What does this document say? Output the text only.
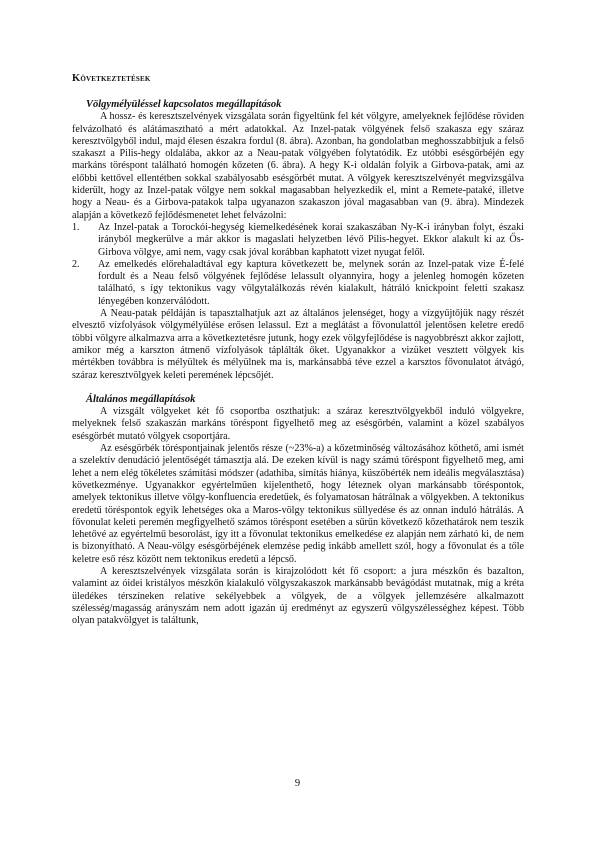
Következtetések
Völgymélyüléssel kapcsolatos megállapítások

A hossz- és keresztszelvények vizsgálata során figyeltünk fel két völgyre, amelyeknek fejlődése röviden felvázolható és alátámasztható a mért adatokkal. Az Inzel-patak völgyének felső szakasza egy száraz keresztvölgyből indul, majd élesen északra fordul (8. ábra). Azonban, ha gondolatban meghosszabbítjuk a felső szakaszt a Pilis-hegy oldalába, akkor az a Neau-patak völgyében folytatódik. Ez utóbbi esésgörbéjén egy markáns töréspont található homogén kőzeten (6. ábra). A hegy K-i oldalán folyik a Girbova-patak, ami az előbbi kettővel ellentétben sokkal szabályosabb esésgörbét mutat. A völgyek keresztszelvényét megvizsgálva kiderült, hogy az Inzel-patak völgye nem sokkal magasabban helyezkedik el, mint a Remete-pataké, illetve hogy a Neau- és a Girbova-patakok talpa ugyanazon szakaszon jóval magasabban van (9. ábra). Mindezek alapján a következő fejlődésmenetet lehet felvázolni:

1. Az Inzel-patak a Torockói-hegység kiemelkedésének korai szakaszában Ny-K-i irányban folyt, északi irányból megkerülve a már akkor is magaslati helyzetben lévő Pilis-hegyet. Ekkor alakult ki az Ős-Girbova völgye, ami nem, vagy csak jóval korábban kaphatott vizet nyugat felől.
2. Az emelkedés előrehaladtával egy kaptura következett be, melynek során az Inzel-patak vize É-felé fordult és a Neau felső völgyének fejlődése lelassult olyannyira, hogy a jelenleg homogén kőzeten található, s így tektonikus vagy völgytalálkozás révén kialakult, hátráló knickpoint feletti szakasz lényegében konzerválódott.

A Neau-patak példáján is tapasztalhatjuk azt az általános jelenséget, hogy a vízgyűjtőjük nagy részét elvesztő vízfolyások völgymélyülése erősen lelassul. Ezt a meglátást a fővonulattól jelentősen keletre eredő többi völgyre alkalmazva arra a következtetésre jutunk, hogy ezek völgyfejlődése is nagyobbrészt akkor zajlott, amikor még a karszton átmenő vízfolyások táplálták őket. Ugyanakkor a vizüket vesztett völgyek kis mértékben továbbra is mélyültek és mélyülnek ma is, markánsabbá téve ezzel a karsztos fővonulatot átvágó, száraz keresztvölgyek keleti peremének lépcsőjét.

Általános megállapítások

A vizsgált völgyeket két fő csoportba oszthatjuk: a száraz keresztvölgyekből induló völgyekre, melyeknek felső szakaszán markáns töréspont figyelhető meg az esésgörbén, valamint a közel szabályos esésgörbét mutató völgyek csoportjára.

Az esésgörbék töréspontjainak jelentős része (~23%-a) a kőzetminőség változásához köthető, ami ismét a szelektív denudáció jelentőségét támasztja alá. De ezeken kívül is nagy számú töréspont figyelhető meg, ami lehet a nem elég tökéletes számítási módszer (adathiba, simítás hiánya, küszöbérték nem ideális megválasztása) következménye. Ugyanakkor egyértelműen kijelenthető, hogy léteznek olyan markánsabb töréspontok, amelyek tektonikus illetve völgy-konfluencia eredetűek, és folyamatosan hátrálnak a völgyekben. A tektonikus eredetű töréspontok egyik lehetséges oka a Maros-völgy tektonikus süllyedése és az onnan induló hátrálás. A fővonulat keleti peremén megfigyelhető számos töréspont esetében a sűrűn következő kőzethatárok nem teszik lehetővé az egyértelmű besorolást, így itt a fővonulat tektonikus emelkedése ez alapján nem zárható ki, de nem is bizonyítható. A Neau-völgy esésgörbéjének elemzése pedig inkább amellett szól, hogy a fővonulat és a tőle keletre eső rész között nem tektonikus eredetű a lépcső.

A keresztszelvények vizsgálata során is kirajzolódott két fő csoport: a jura mészkőn és bazalton, valamint az óidei kristályos mészkőn kialakuló völgyszakaszok markánsabb bevágódást mutatnak, míg a kréta üledékes térszíneken relatíve sekélyebbek a völgyek, de a völgyek jellemzésére alkalmazott szélesség/magasság arányszám nem adott igazán új eredményt az egyszerű völgyszélességhez képest. Több olyan patakvölgyet is találtunk,

9
